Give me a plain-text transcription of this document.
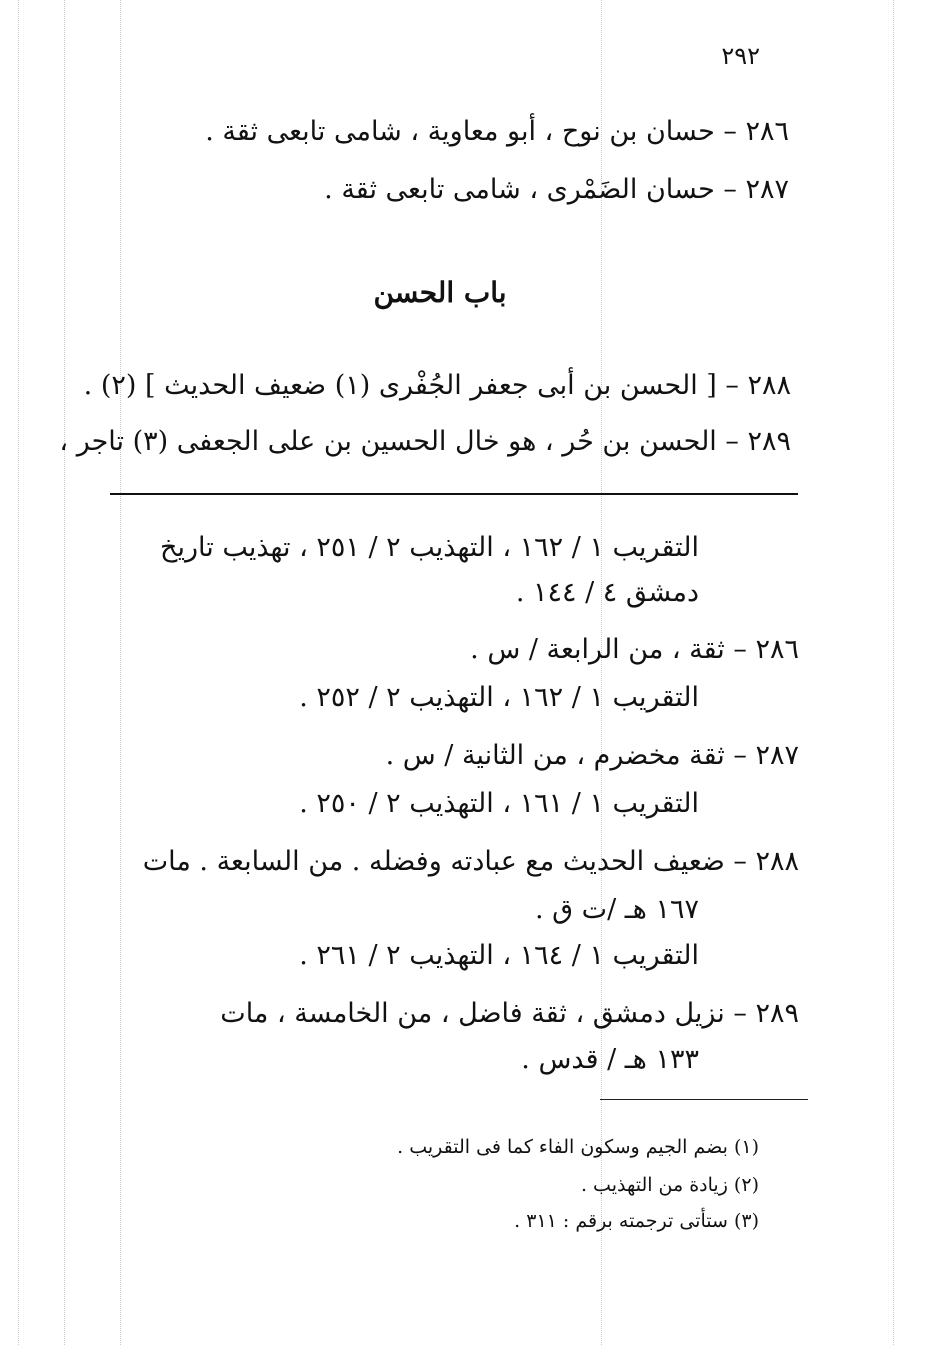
٢٩٢
٢٨٦ – حسان بن نوح ، أبو معاوية ، شامى تابعى ثقة .
٢٨٧ – حسان الضَمْرى ، شامى تابعى ثقة .
باب الحسن
٢٨٨ – [ الحسن بن أبى جعفر الجُفْرى (١) ضعيف الحديث ] (٢) .
٢٨٩ – الحسن بن حُر ، هو خال الحسين بن على الجعفى (٣) تاجر ،
التقريب ١ / ١٦٢ ، التهذيب ٢ / ٢٥١ ، تهذيب تاريخ
دمشق ٤ / ١٤٤ .
٢٨٦ – ثقة ، من الرابعة / س .
التقريب ١ / ١٦٢ ، التهذيب ٢ / ٢٥٢ .
٢٨٧ – ثقة مخضرم ، من الثانية / س .
التقريب ١ / ١٦١ ، التهذيب ٢ / ٢٥٠ .
٢٨٨ – ضعيف الحديث مع عبادته وفضله . من السابعة . مات
١٦٧ هـ /ت ق .
التقريب ١ / ١٦٤ ، التهذيب ٢ / ٢٦١ .
٢٨٩ – نزيل دمشق ، ثقة فاضل ، من الخامسة ، مات
١٣٣ هـ / قدس .
(١) بضم الجيم وسكون الفاء كما فى التقريب .
(٢) زيادة من التهذيب .
(٣) ستأتى ترجمته برقم : ٣١١ .
